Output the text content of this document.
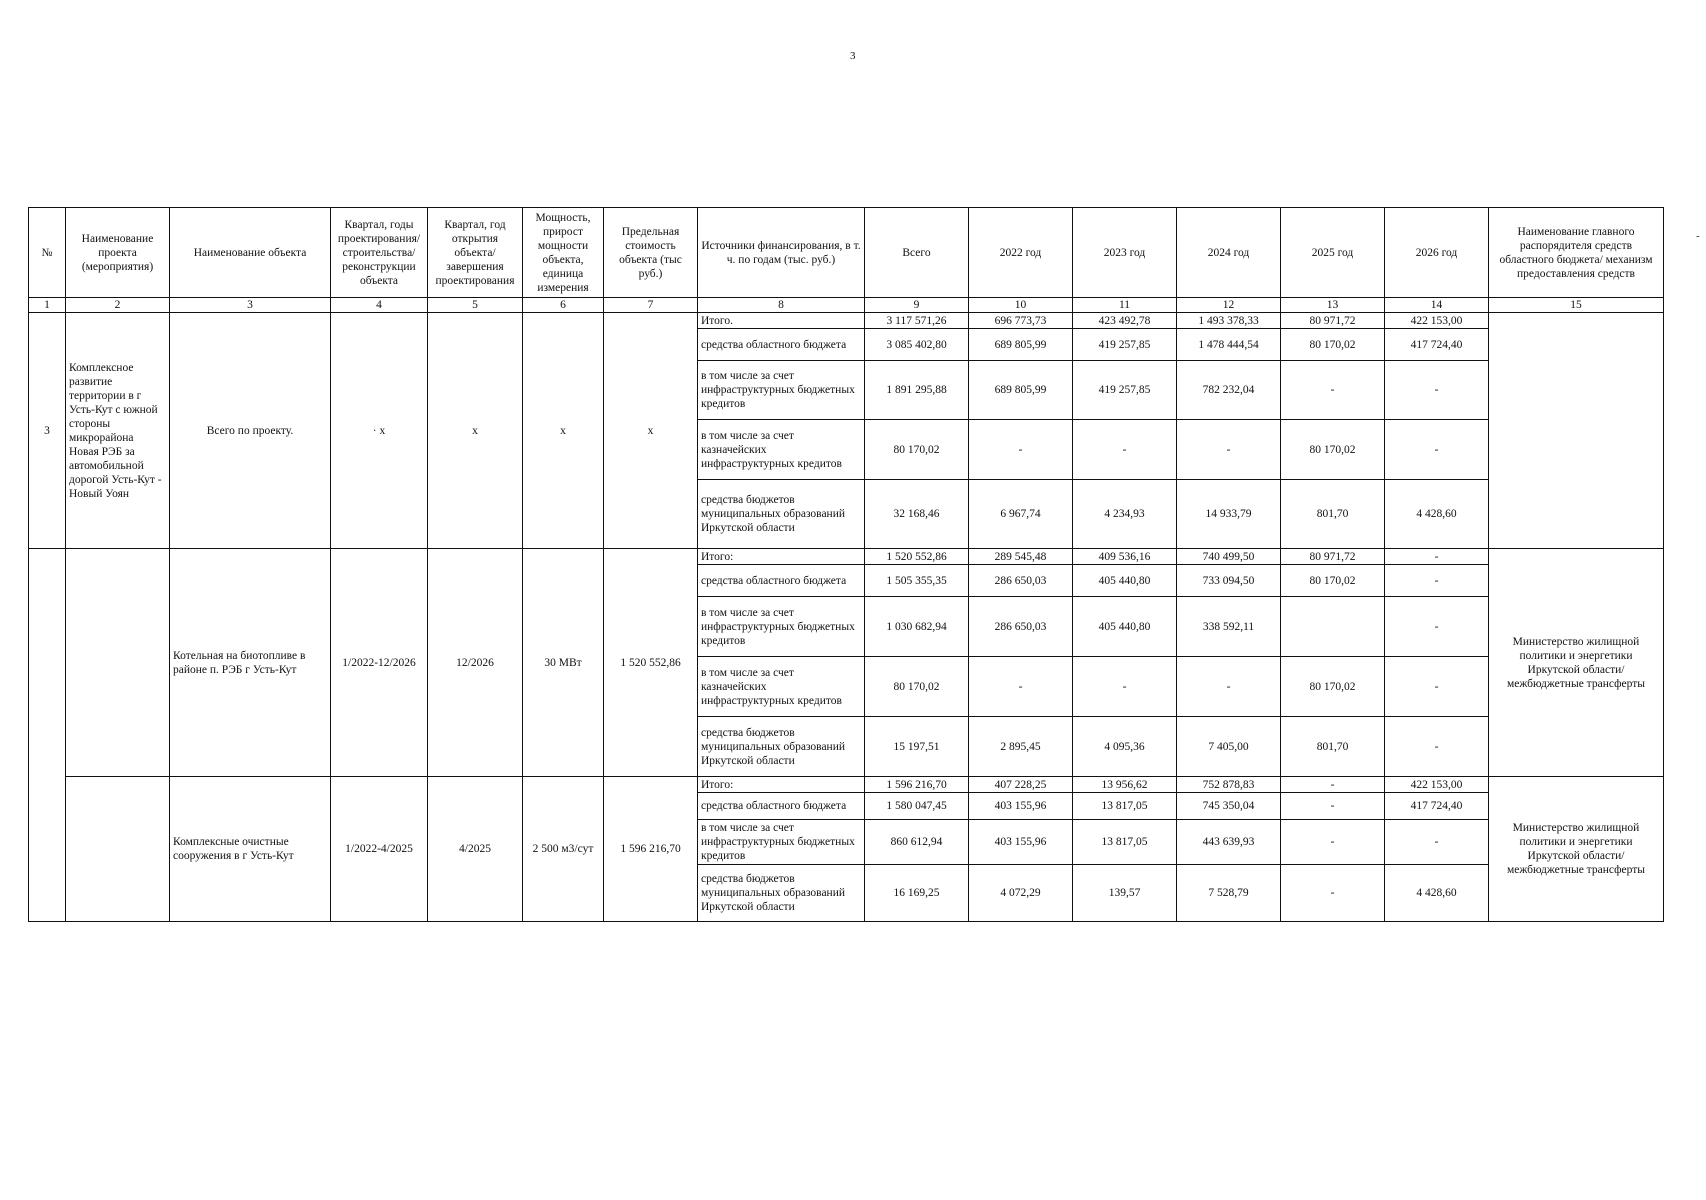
3
-
№	Наименование проекта (мероприятия)	Наименование объекта	Квартал, годы проектирования/строительства/ реконструкции объекта	Квартал, год открытия объекта/ завершения проектирования	Мощность, прирост мощности объекта, единица измерения	Предельная стоимость объекта (тыс руб.)	Источники финансирования, в т. ч. по годам (тыс. руб.)	Всего	2022 год	2023 год	2024 год	2025 год	2026 год	Наименование главного распорядителя средств областного бюджета/ механизм предоставления средств
1	2	3	4	5	6	7	8	9	10	11	12	13	14	15
3	Комплексное развитие территории в г Усть-Кут с южной стороны микрорайона Новая РЭБ за автомобильной дорогой Усть-Кут - Новый Уоян	Всего по проекту.	· x	x	x	x	Итого.	3 117 571,26	696 773,73	423 492,78	1 493 378,33	80 971,72	422 153,00	
							средства областного бюджета	3 085 402,80	689 805,99	419 257,85	1 478 444,54	80 170,02	417 724,40	
							в том числе за счет инфраструктурных бюджетных кредитов	1 891 295,88	689 805,99	419 257,85	782 232,04	-	-	
							в том числе за счет казначейских инфраструктурных кредитов	80 170,02	-	-	-	80 170,02	-	
							средства бюджетов муниципальных образований Иркутской области	32 168,46	6 967,74	4 234,93	14 933,79	801,70	4 428,60	
		Котельная на биотопливе в районе п. РЭБ г Усть-Кут	1/2022-12/2026	12/2026	30 МВт	1 520 552,86	Итого:	1 520 552,86	289 545,48	409 536,16	740 499,50	80 971,72	-	Министерство жилищной политики и энергетики Иркутской области/ межбюджетные трансферты
							средства областного бюджета	1 505 355,35	286 650,03	405 440,80	733 094,50	80 170,02	-	
							в том числе за счет инфраструктурных бюджетных кредитов	1 030 682,94	286 650,03	405 440,80	338 592,11		-	
							в том числе за счет казначейских инфраструктурных кредитов	80 170,02	-	-	-	80 170,02	-	
							средства бюджетов муниципальных образований Иркутской области	15 197,51	2 895,45	4 095,36	7 405,00	801,70	-	
		Комплексные очистные сооружения в г Усть-Кут	1/2022-4/2025	4/2025	2 500 м3/сут	1 596 216,70	Итого:	1 596 216,70	407 228,25	13 956,62	752 878,83	-	422 153,00	Министерство жилищной политики и энергетики Иркутской области/ межбюджетные трансферты
							средства областного бюджета	1 580 047,45	403 155,96	13 817,05	745 350,04	-	417 724,40	
							в том числе за счет инфраструктурных бюджетных кредитов	860 612,94	403 155,96	13 817,05	443 639,93	-	-	
							средства бюджетов муниципальных образований Иркутской области	16 169,25	4 072,29	139,57	7 528,79	-	4 428,60	
